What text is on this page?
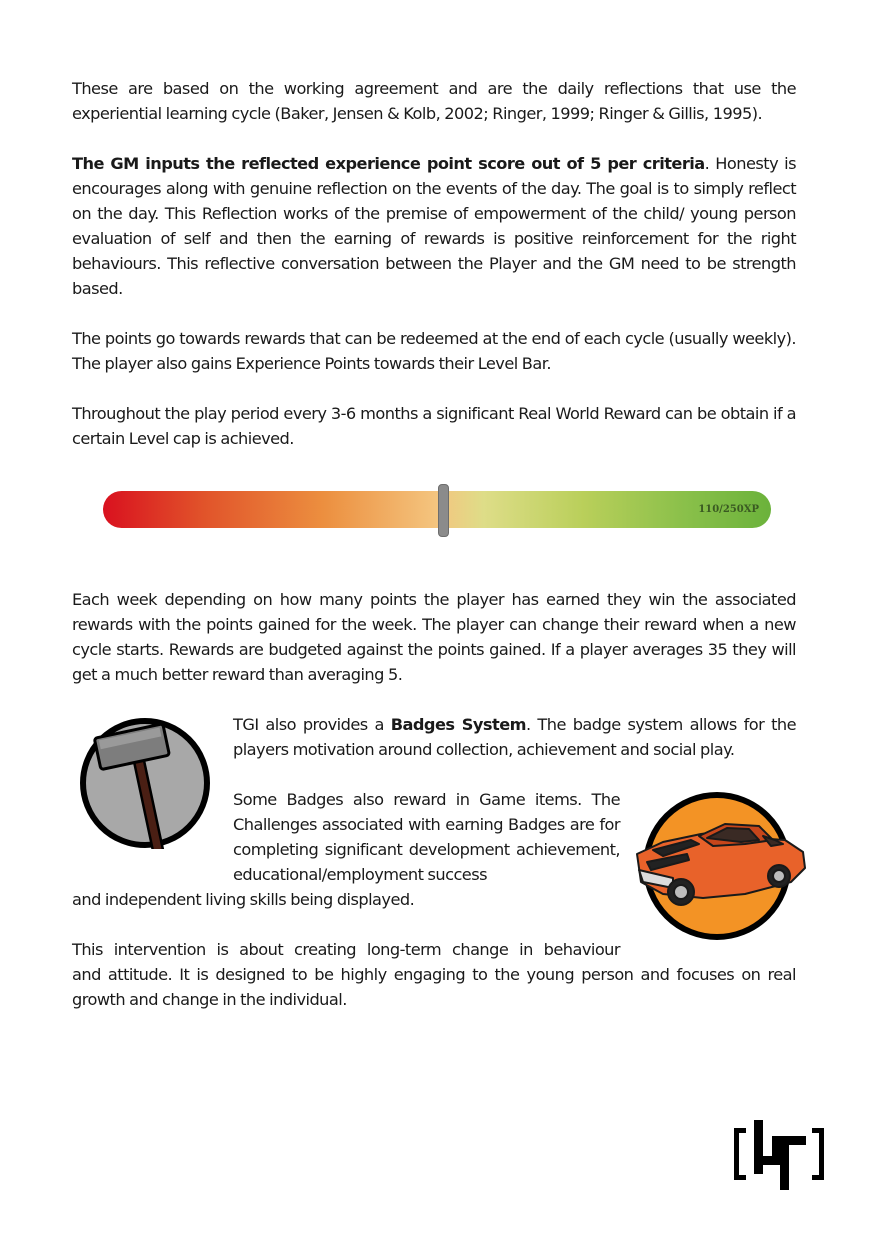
These are based on the working agreement and are the daily reflections that use the experiential learning cycle (Baker, Jensen & Kolb, 2002; Ringer, 1999; Ringer & Gillis, 1995).

The GM inputs the reflected experience point score out of 5 per criteria. Honesty is encourages along with genuine reflection on the events of the day. The goal is to simply reflect on the day. This Reflection works of the premise of empowerment of the child/ young person evaluation of self and then the earning of rewards is positive reinforcement for the right behaviours. This reflective conversation between the Player and the GM need to be strength based.

The points go towards rewards that can be redeemed at the end of each cycle (usually weekly). The player also gains Experience Points towards their Level Bar.

Throughout the play period every 3-6 months a significant Real World Reward can be obtain if a certain Level cap is achieved.

110/250XP

Each week depending on how many points the player has earned they win the associated rewards with the points gained for the week. The player can change their reward when a new cycle starts. Rewards are budgeted against the points gained. If a player averages 35 they will get a much better reward than averaging 5.

TGI also provides a Badges System. The badge system allows for the players motivation around collection, achievement and social play.

Some Badges also reward in Game items. The Challenges associated with earning Badges are for completing significant development achievement, educational/employment success

and independent living skills being displayed.

This intervention is about creating long-term change in behaviour

and attitude. It is designed to be highly engaging to the young person and focuses on real growth and change in the individual.
